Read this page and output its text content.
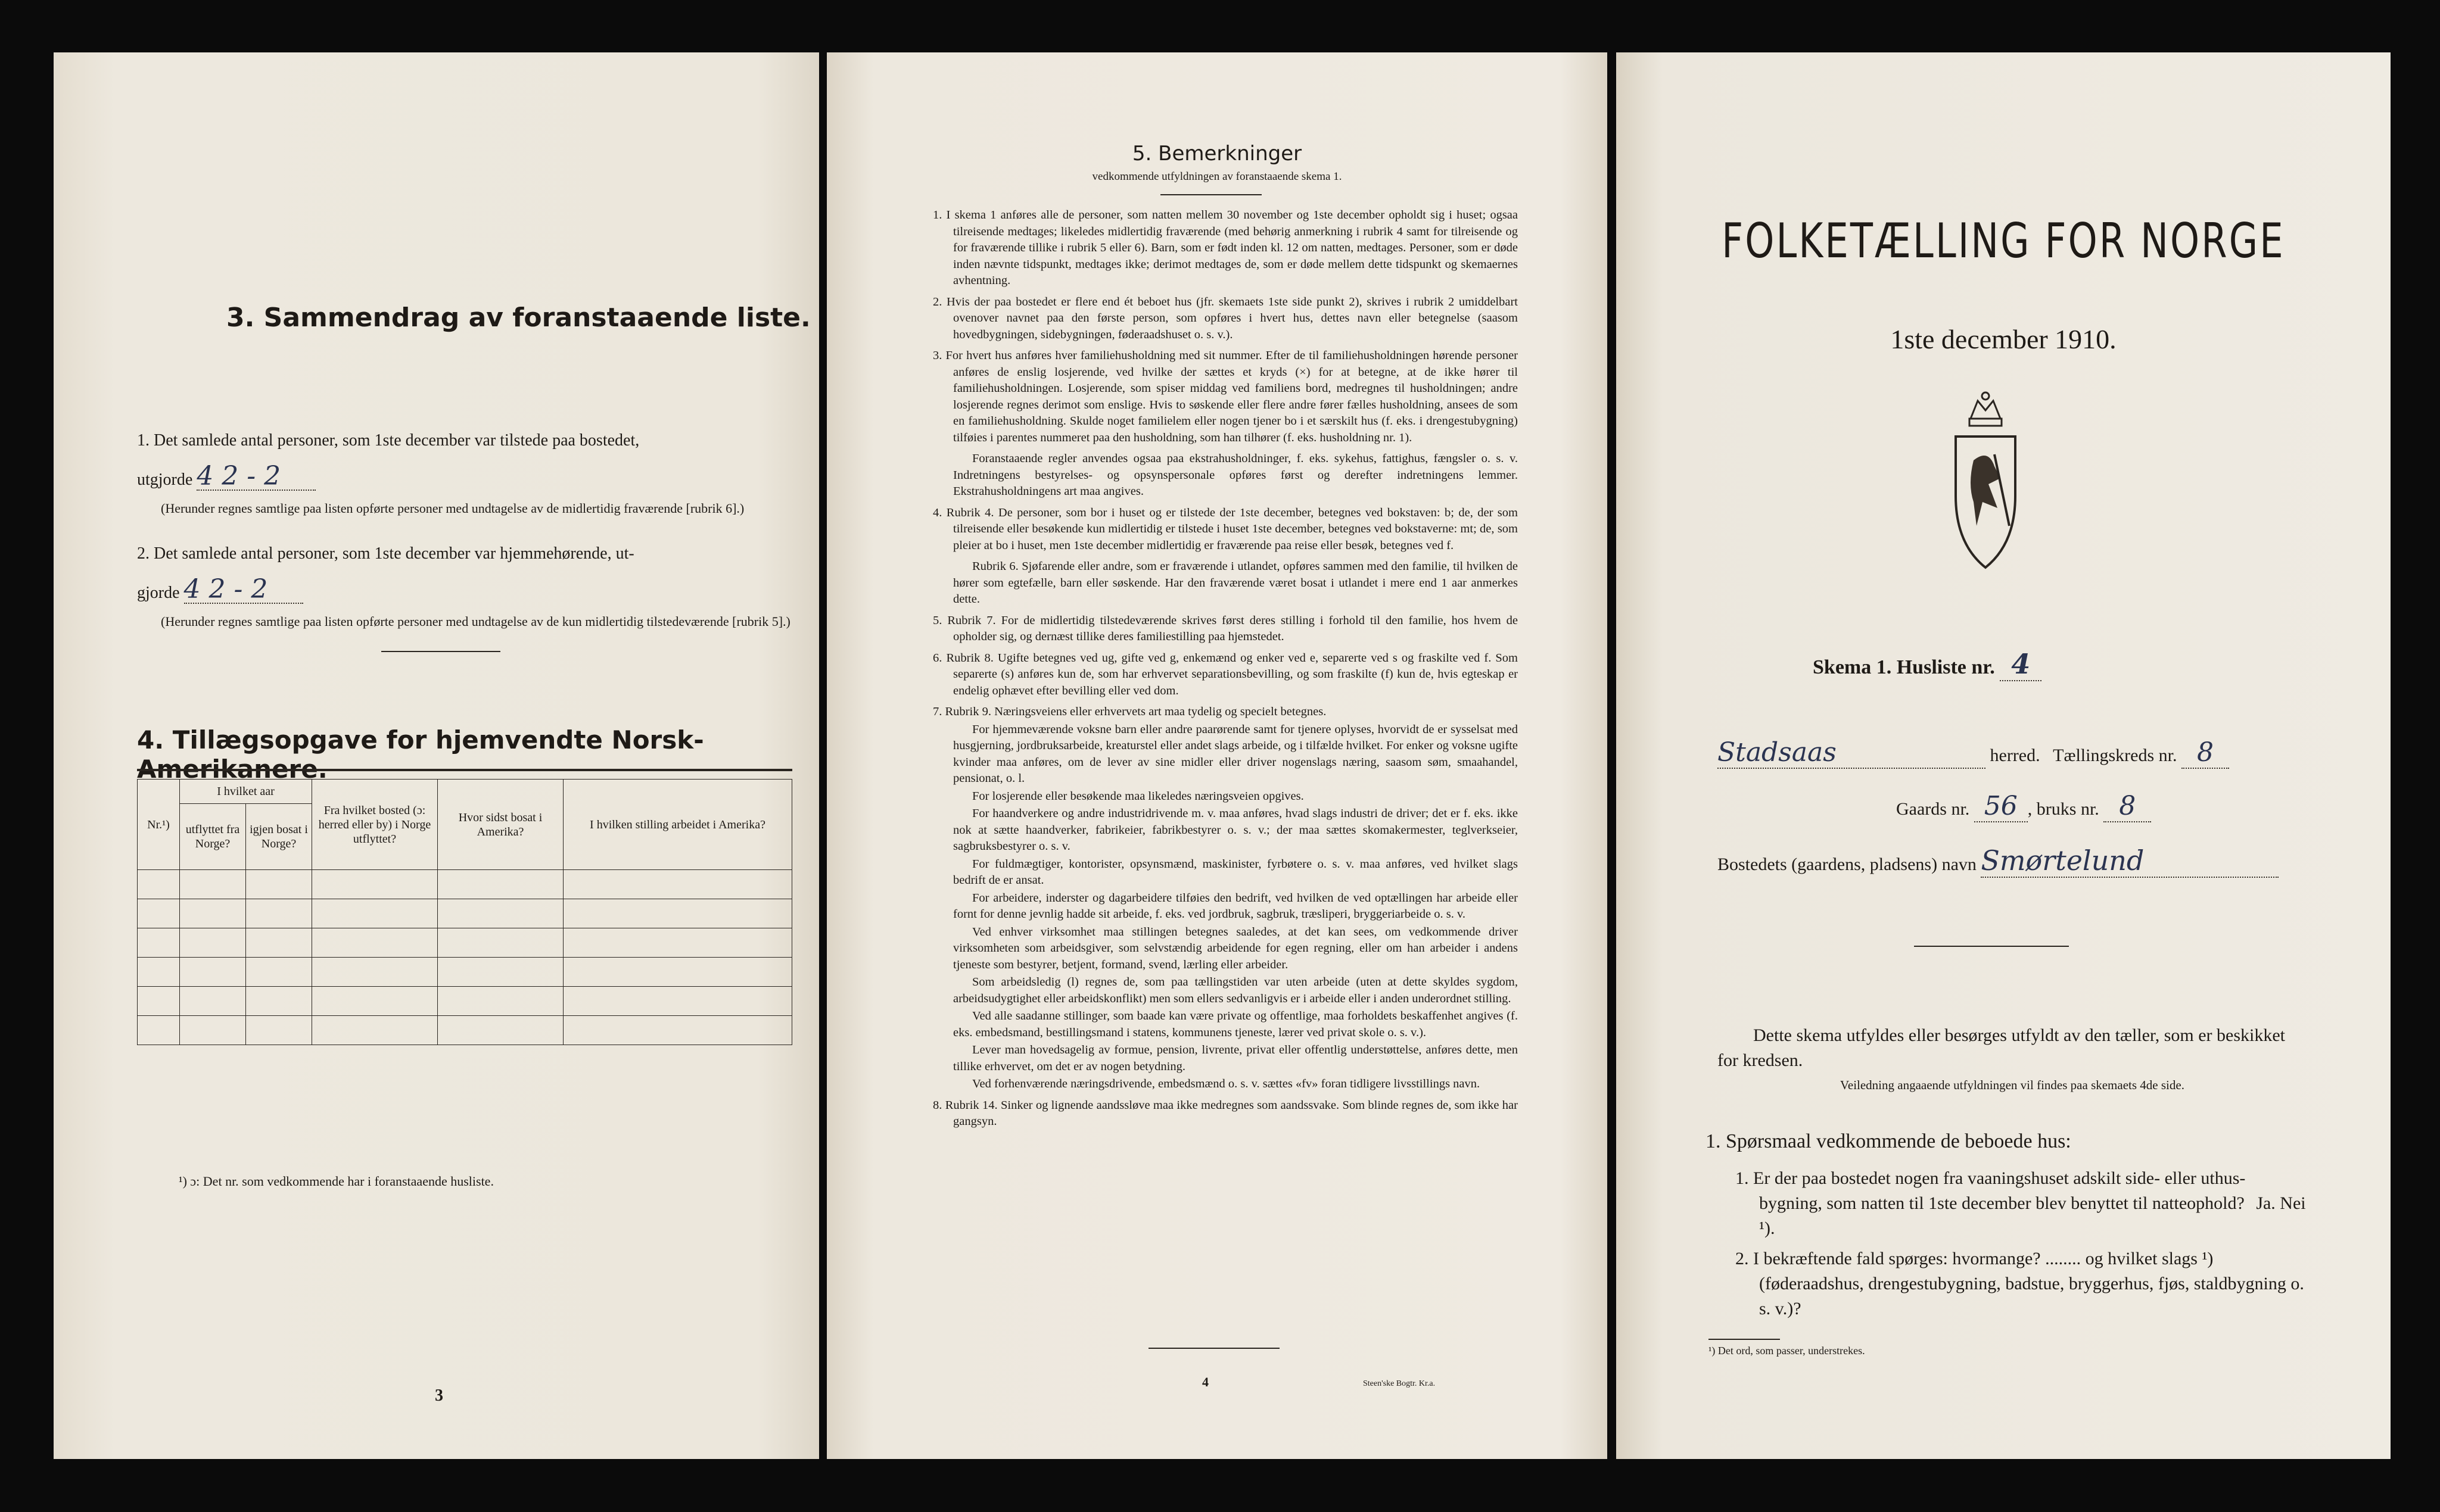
3. Sammendrag av foranstaaende liste.
1. Det samlede antal personer, som 1ste december var tilstede paa bostedet,
utgjorde 4 2 - 2
(Herunder regnes samtlige paa listen opførte personer med undtagelse av de midlertidig fraværende [rubrik 6].)
2. Det samlede antal personer, som 1ste december var hjemmehørende, ut-
gjorde 4 2 - 2
(Herunder regnes samtlige paa listen opførte personer med undtagelse av de kun midlertidig tilstedeværende [rubrik 5].)
4. Tillægsopgave for hjemvendte Norsk-Amerikanere.
Nr.¹)	I hvilket aar		Fra hvilket bosted (ɔ: herred eller by) i Norge utflyttet?	Hvor sidst bosat i Amerika?	I hvilken stilling arbeidet i Amerika?
	utflyttet fra Norge?	igjen bosat i Norge?			

¹) ɔ: Det nr. som vedkommende har i foranstaaende husliste.
3
5. Bemerkninger
vedkommende utfyldningen av foranstaaende skema 1.

1. I skema 1 anføres alle de personer, som natten mellem 30 november og 1ste december opholdt sig i huset; ogsaa tilreisende medtages; likeledes midlertidig fraværende (med behørig anmerkning i rubrik 4 samt for tilreisende og for fraværende tillike i rubrik 5 eller 6). Barn, som er født inden kl. 12 om natten, medtages. Personer, som er døde inden nævnte tidspunkt, medtages ikke; derimot medtages de, som er døde mellem dette tidspunkt og skemaernes avhentning.

2. Hvis der paa bostedet er flere end ét beboet hus (jfr. skemaets 1ste side punkt 2), skrives i rubrik 2 umiddelbart ovenover navnet paa den første person, som opføres i hvert hus, dettes navn eller betegnelse (saasom hovedbygningen, sidebygningen, føderaadshuset o. s. v.).

3. For hvert hus anføres hver familiehusholdning med sit nummer. Efter de til familiehusholdningen hørende personer anføres de enslig losjerende, ved hvilke der sættes et kryds (×) for at betegne, at de ikke hører til familiehusholdningen. Losjerende, som spiser middag ved familiens bord, medregnes til husholdningen; andre losjerende regnes derimot som enslige. Hvis to søskende eller flere andre fører fælles husholdning, ansees de som en familiehusholdning. Skulde noget familielem eller nogen tjener bo i et særskilt hus (f. eks. i drengestubygning) tilføies i parentes nummeret paa den husholdning, som han tilhører (f. eks. husholdning nr. 1).

Foranstaaende regler anvendes ogsaa paa ekstrahusholdninger, f. eks. sykehus, fattighus, fængsler o. s. v. Indretningens bestyrelses- og opsynspersonale opføres først og derefter indretningens lemmer. Ekstrahusholdningens art maa angives.

4. Rubrik 4. De personer, som bor i huset og er tilstede der 1ste december, betegnes ved bokstaven: b; de, der som tilreisende eller besøkende kun midlertidig er tilstede i huset 1ste december, betegnes ved bokstaverne: mt; de, som pleier at bo i huset, men 1ste december midlertidig er fraværende paa reise eller besøk, betegnes ved f.

Rubrik 6. Sjøfarende eller andre, som er fraværende i utlandet, opføres sammen med den familie, til hvilken de hører som egtefælle, barn eller søskende. Har den fraværende været bosat i utlandet i mere end 1 aar anmerkes dette.

5. Rubrik 7. For de midlertidig tilstedeværende skrives først deres stilling i forhold til den familie, hos hvem de opholder sig, og dernæst tillike deres familiestilling paa hjemstedet.

6. Rubrik 8. Ugifte betegnes ved ug, gifte ved g, enkemænd og enker ved e, separerte ved s og fraskilte ved f. Som separerte (s) anføres kun de, som har erhvervet separationsbevilling, og som fraskilte (f) kun de, hvis egteskap er endelig ophævet efter bevilling eller ved dom.

7. Rubrik 9. Næringsveiens eller erhvervets art maa tydelig og specielt betegnes.

For hjemmeværende voksne barn eller andre paarørende samt for tjenere oplyses, hvorvidt de er sysselsat med husgjerning, jordbruksarbeide, kreaturstel eller andet slags arbeide, og i tilfælde hvilket. For enker og voksne ugifte kvinder maa anføres, om de lever av sine midler eller driver nogenslags næring, saasom søm, smaahandel, pensionat, o. l.

For losjerende eller besøkende maa likeledes næringsveien opgives.

For haandverkere og andre industridrivende m. v. maa anføres, hvad slags industri de driver; det er f. eks. ikke nok at sætte haandverker, fabrikeier, fabrikbestyrer o. s. v.; der maa sættes skomakermester, teglverkseier, sagbruksbestyrer o. s. v.

For fuldmægtiger, kontorister, opsynsmænd, maskinister, fyrbøtere o. s. v. maa anføres, ved hvilket slags bedrift de er ansat.

For arbeidere, inderster og dagarbeidere tilføies den bedrift, ved hvilken de ved optællingen har arbeide eller fornt for denne jevnlig hadde sit arbeide, f. eks. ved jordbruk, sagbruk, træsliperi, bryggeriarbeide o. s. v.

Ved enhver virksomhet maa stillingen betegnes saaledes, at det kan sees, om vedkommende driver virksomheten som arbeidsgiver, som selvstændig arbeidende for egen regning, eller om han arbeider i andens tjeneste som bestyrer, betjent, formand, svend, lærling eller arbeider.

Som arbeidsledig (l) regnes de, som paa tællingstiden var uten arbeide (uten at dette skyldes sygdom, arbeidsudygtighet eller arbeidskonflikt) men som ellers sedvanligvis er i arbeide eller i anden underordnet stilling.

Ved alle saadanne stillinger, som baade kan være private og offentlige, maa forholdets beskaffenhet angives (f. eks. embedsmand, bestillingsmand i statens, kommunens tjeneste, lærer ved privat skole o. s. v.).

Lever man hovedsagelig av formue, pension, livrente, privat eller offentlig understøttelse, anføres dette, men tillike erhvervet, om det er av nogen betydning.

Ved forhenværende næringsdrivende, embedsmænd o. s. v. sættes «fv» foran tidligere livsstillings navn.

8. Rubrik 14. Sinker og lignende aandssløve maa ikke medregnes som aandssvake. Som blinde regnes de, som ikke har gangsyn.

4	Steen'ske Bogtr. Kr.a.
FOLKETÆLLING FOR NORGE
1ste december 1910.
Skema 1. Husliste nr. 4
Stadsaas	herred. Tællingskreds nr. 8
Gaards nr. 56 , bruks nr. 8
Bostedets (gaardens, pladsens) navn Smørtelund
Dette skema utfyldes eller besørges utfyldt av den tæller, som er beskikket for kredsen.
Veiledning angaaende utfyldningen vil findes paa skemaets 4de side.
1. Spørsmaal vedkommende de beboede hus:
1. Er der paa bostedet nogen fra vaaningshuset adskilt side- eller uthus-bygning, som natten til 1ste december blev benyttet til natteophold? Ja. Nei ¹).
2. I bekræftende fald spørges: hvormange? ........ og hvilket slags ¹) (føderaadshus, drengestubygning, badstue, bryggerhus, fjøs, staldbygning o. s. v.)?
¹) Det ord, som passer, understrekes.
